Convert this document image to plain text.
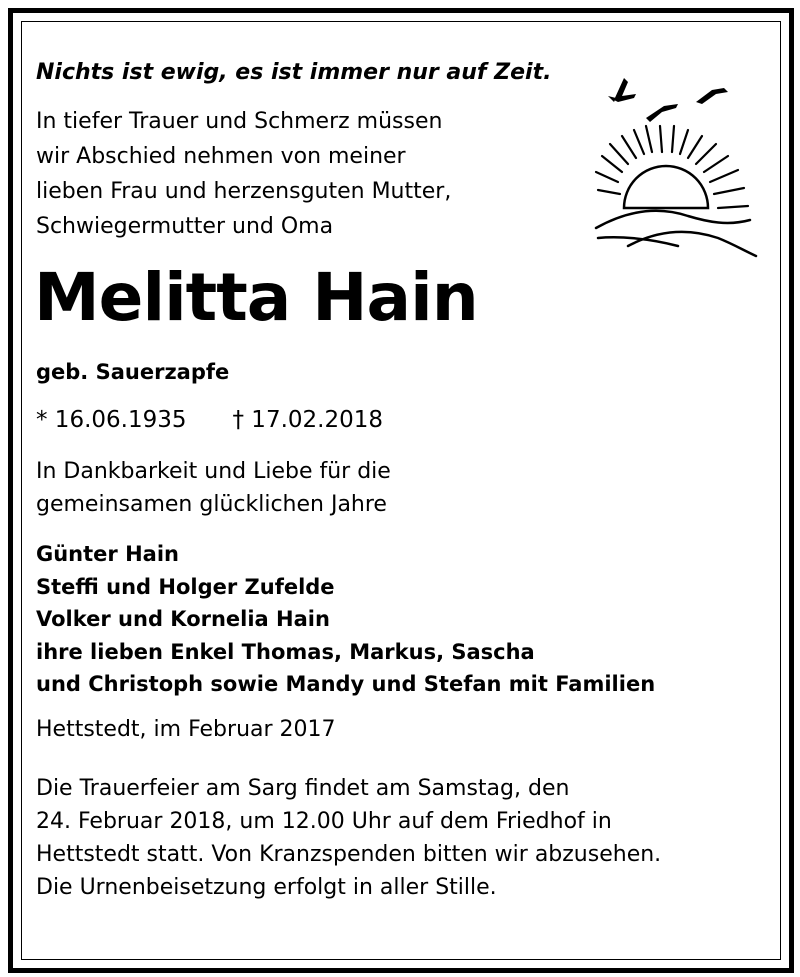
Nichts ist ewig, es ist immer nur auf Zeit.
In tiefer Trauer und Schmerz müssen
wir Abschied nehmen von meiner
lieben Frau und herzensguten Mutter,
Schwiegermutter und Oma
Melitta Hain
geb. Sauerzapfe
* 16.06.1935 † 17.02.2018
In Dankbarkeit und Liebe für die
gemeinsamen glücklichen Jahre
Günter Hain
Steffi und Holger Zufelde
Volker und Kornelia Hain
ihre lieben Enkel Thomas, Markus, Sascha
und Christoph sowie Mandy und Stefan mit Familien
Hettstedt, im Februar 2017
Die Trauerfeier am Sarg findet am Samstag, den
24. Februar 2018, um 12.00 Uhr auf dem Friedhof in
Hettstedt statt. Von Kranzspenden bitten wir abzusehen.
Die Urnenbeisetzung erfolgt in aller Stille.
